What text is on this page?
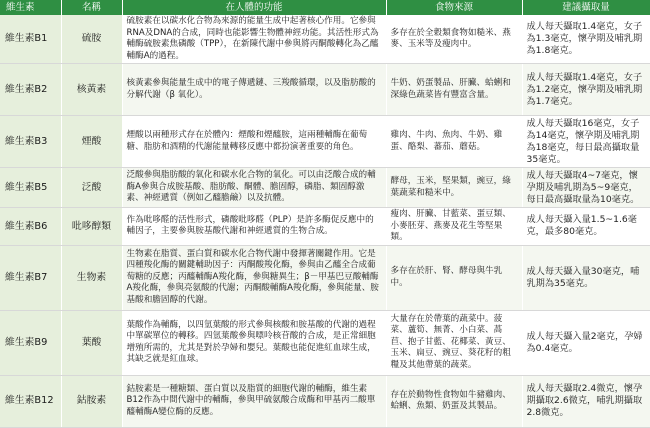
維生素	名稱	在人體的功能	食物來源	建議攝取量
維生素B1	硫胺	硫胺素在以碳水化合物為來源的能量生成中起著核心作用。它參與RNA及DNA的合成，同時也能影響生物體神經功能。其活性形式為輔酶硫胺素焦磷酸（TPP），在新陳代謝中參與將丙酮酸轉化為乙醯輔酶A的過程。	多存在於全穀類食物如糙米、燕麥、玉米等及瘦肉中。	成人每天攝取1.4毫克，女子為1.3毫克，懷孕期及哺乳期為1.8毫克。
維生素B2	核黃素	核黃素參與能量生成中的電子傳遞鏈、三羧酸循環，以及脂肪酸的分解代謝（β 氧化）。	牛奶、奶蛋製品、肝臟、蛤蜊和深綠色蔬菜皆有豐富含量。	成人每天攝取1.4毫克，女子為1.2毫克，懷孕期及哺乳期為1.7毫克。
維生素B3	煙酸	煙酸以兩種形式存在於體內：煙酸和煙醯胺，這兩種輔酶在葡萄糖、脂肪和酒精的代謝能量轉移反應中都扮演著重要的角色。	雞肉、牛肉、魚肉、牛奶、雞蛋、酪梨、蕃茄、蘑菇。	成人每天攝取16毫克，女子為14毫克，懷孕期及哺乳期為18毫克，每日最高攝取量35毫克。
維生素B5	泛酸	泛酸參與脂肪酸的氧化和碳水化合物的氧化。可以由泛酸合成的輔酶A參與合成胺基酸、脂肪酸、酮體、膽固醇，磷脂、類固醇激素、神經遞質（例如乙醯膽鹼）以及抗體。	酵母，玉米，堅果類，豌豆，綠葉蔬菜和糙米中。	成人每天攝取4~7毫克，懷孕期及哺乳期為5~9毫克，每日最高攝取量為10毫克。
維生素B6	吡哆醇類	作為吡哆醛的活性形式，磷酸吡哆醛（PLP）是許多酶促反應中的輔因子，主要參與胺基酸代謝和神經遞質的生物合成。	瘦肉、肝臟、甘藍菜、蛋豆類、小麥胚芽、燕麥及花生等堅果類。	成人每天攝入量1.5~1.6毫克，最多80毫克。
維生素B7	生物素	生物素在脂質、蛋白質和碳水化合物代謝中發揮著關鍵作用。它是四種羧化酶的關鍵輔助因子：丙酮酸羧化酶，參與由乙醯全合成葡萄糖的反應；丙醯輔酶A羧化酶，參與糖異生；β－甲基巴豆酸輔酶A羧化酶，參與亮氨酸的代謝；丙酮酸輔酶A羧化酶，參與能量、胺基酸和膽固醇的代謝。	多存在於肝、腎、酵母與牛乳中。	成人每天攝入量30毫克，哺乳期為35毫克。
維生素B9	葉酸	葉酸作為輔酶，以四氫葉酸的形式參與核酸和胺基酸的代謝的過程中單碳單位的轉移。四氫葉酸參與嘌呤核苷酸的合成，是正常細胞增殖所需的，尤其是對於孕婦和嬰兒。葉酸也能促進紅血球生成，其缺乏就是紅血球。	大量存在於帶葉的蔬菜中。菠菜、蘆筍、無菁、小白菜、萵苣、抱子甘藍、花椰菜、黃豆、玉米、扁豆、豌豆、葵花籽的粗糧及其他帶葉的蔬菜。	成人每天攝入量2毫克，孕婦為0.4毫克。
維生素B12	鈷胺素	鈷胺素是一種糖類、蛋白質以及脂質的細胞代謝的輔酶，維生素B12作為中間代謝中的輔酶，參與甲硫氨酸合成酶和甲基丙二酸單醯輔酶A變位酶的反應。	存在於動物性食物如牛豬雞肉、蛤蜊、魚類、奶蛋及其製品。	成人每天攝取2.4微克，懷孕期攝取2.6微克，哺乳期攝取2.8微克。
